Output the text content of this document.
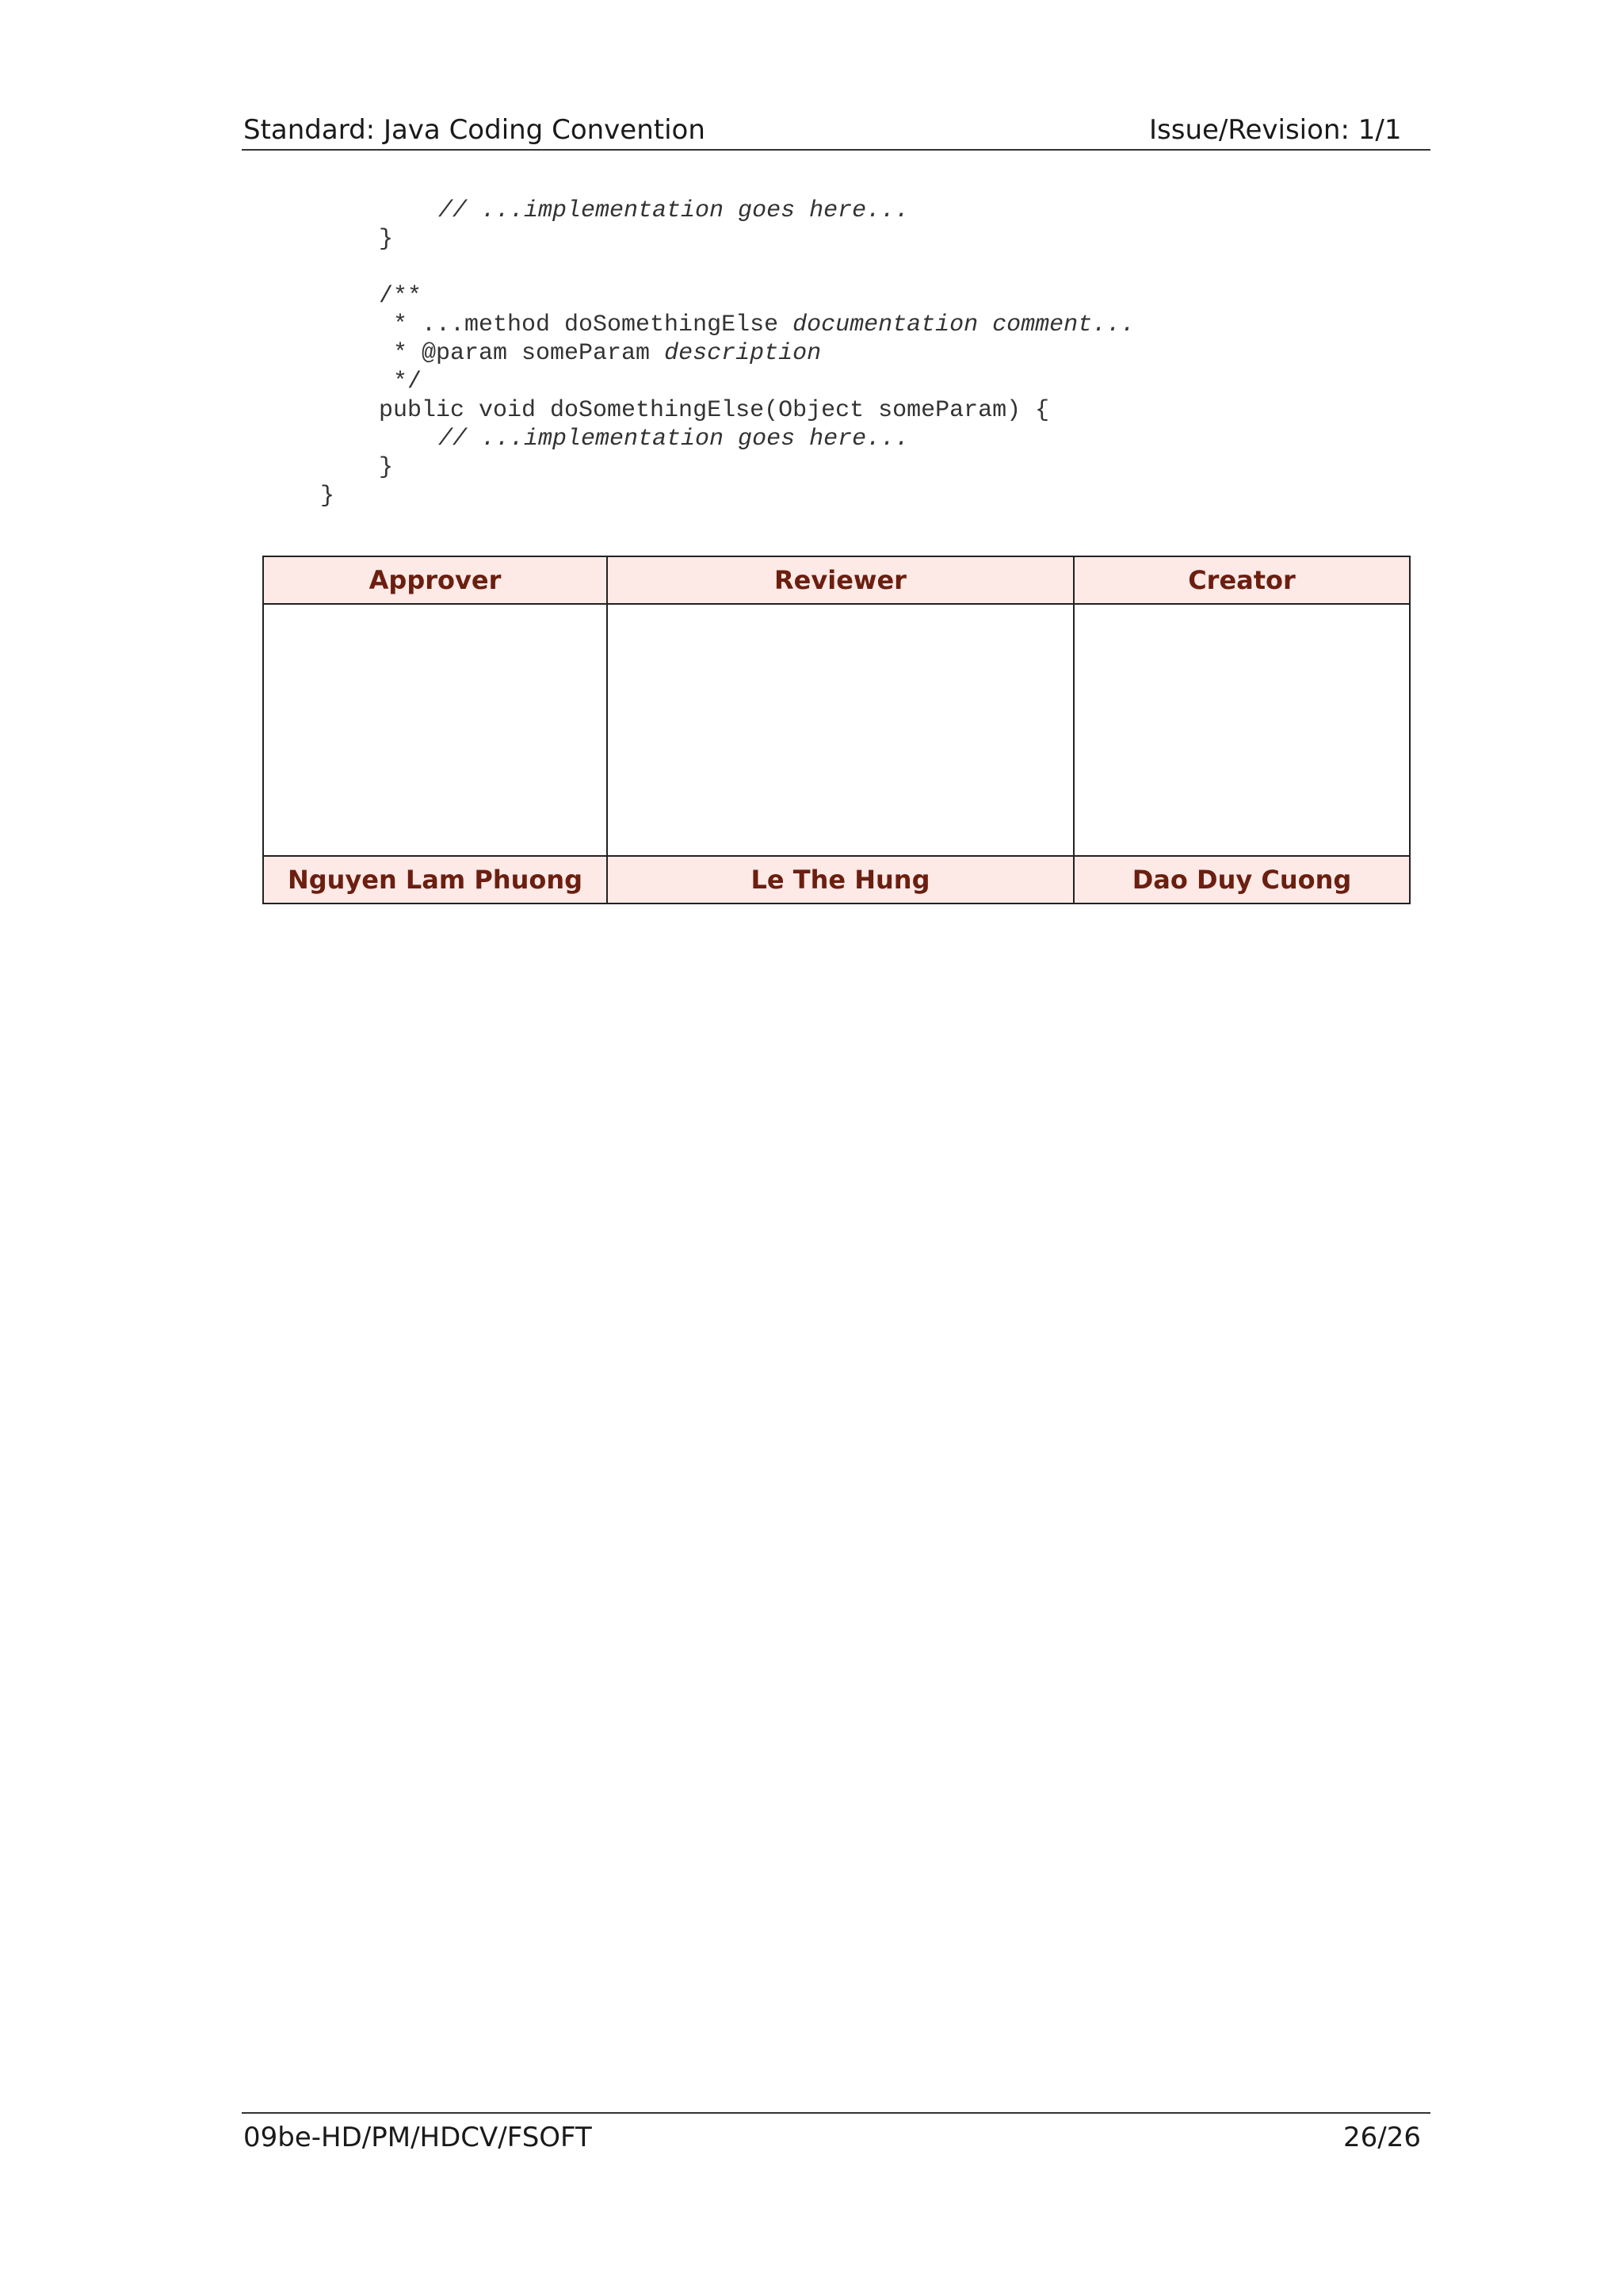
Standard: Java Coding Convention	Issue/Revision: 1/1
// ...implementation goes here...
}
/**
* ...method doSomethingElse documentation comment...
* @param someParam description
*/
public void doSomethingElse(Object someParam) {
// ...implementation goes here...
}
}
Approver	Reviewer	Creator

Nguyen Lam Phuong	Le The Hung	Dao Duy Cuong
09be-HD/PM/HDCV/FSOFT	26/26
